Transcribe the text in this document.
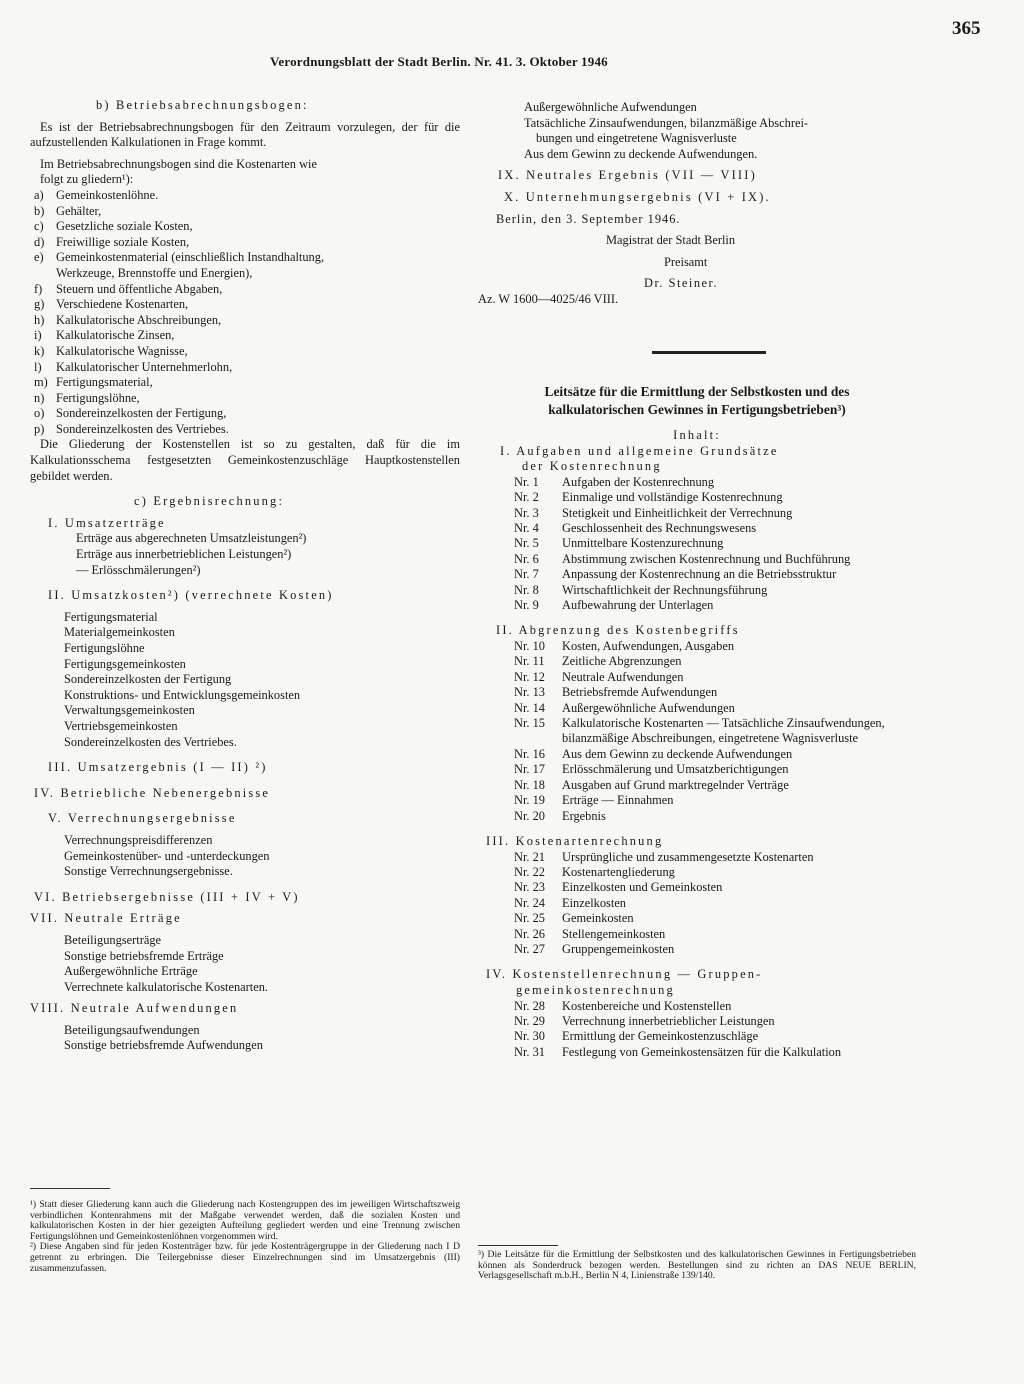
Verordnungsblatt der Stadt Berlin. Nr. 41. 3. Oktober 1946
365
b) Betriebsabrechnungsbogen:
Es ist der Betriebsabrechnungsbogen für den Zeitraum vorzulegen, der für die aufzustellenden Kalkulationen in Frage kommt.
Im Betriebsabrechnungsbogen sind die Kostenarten wie
folgt zu gliedern¹):
a) Gemeinkostenlöhne.
b) Gehälter,
c) Gesetzliche soziale Kosten,
d) Freiwillige soziale Kosten,
e) Gemeinkostenmaterial (einschließlich Instandhaltung,
Werkzeuge, Brennstoffe und Energien),
f)	Steuern und öffentliche Abgaben,
g) Verschiedene Kostenarten,
h) Kalkulatorische Abschreibungen,
i)	Kalkulatorische Zinsen,
k) Kalkulatorische Wagnisse,
l)	Kalkulatorischer Unternehmerlohn,
m) Fertigungsmaterial,
n) Fertigungslöhne,
o) Sondereinzelkosten der Fertigung,
p) Sondereinzelkosten des Vertriebes.
Die Gliederung der Kostenstellen ist so zu gestalten, daß für die im Kalkulationsschema festgesetzten Gemeinkostenzuschläge Hauptkostenstellen gebildet werden.
c) Ergebnisrechnung:
I. Umsatzerträge
Erträge aus abgerechneten Umsatzleistungen²)
Erträge aus innerbetrieblichen Leistungen²)
— Erlösschmälerungen²)
II. Umsatzkosten²) (verrechnete Kosten)
Fertigungsmaterial
Materialgemeinkosten
Fertigungslöhne
Fertigungsgemeinkosten
Sondereinzelkosten der Fertigung
Konstruktions- und Entwicklungsgemeinkosten
Verwaltungsgemeinkosten
Vertriebsgemeinkosten
Sondereinzelkosten des Vertriebes.
III. Umsatzergebnis (I — II) ²)
IV. Betriebliche Nebenergebnisse
V. Verrechnungsergebnisse
Verrechnungspreisdifferenzen
Gemeinkostenüber- und -unterdeckungen
Sonstige Verrechnungsergebnisse.
VI. Betriebsergebnisse (III + IV + V)
VII. Neutrale Erträge
Beteiligungserträge
Sonstige betriebsfremde Erträge
Außergewöhnliche Erträge
Verrechnete kalkulatorische Kostenarten.
VIII. Neutrale Aufwendungen
Beteiligungsaufwendungen
Sonstige betriebsfremde Aufwendungen
¹) Statt dieser Gliederung kann auch die Gliederung nach Kostengruppen des im jeweiligen Wirtschaftszweig verbindlichen Kontenrahmens mit der Maßgabe verwendet werden, daß die sozialen Kosten und kalkulatorischen Kosten in der hier gezeigten Aufteilung gegliedert werden und eine Trennung zwischen Fertigungslöhnen und Gemeinkostenlöhnen vorgenommen wird.
²) Diese Angaben sind für jeden Kostenträger bzw. für jede Kostenträgergruppe in der Gliederung nach I D getrennt zu erbringen. Die Teilergebnisse dieser Einzelrechnungen sind im Umsatzergebnis (III) zusammenzufassen.
Außergewöhnliche Aufwendungen
Tatsächliche Zinsaufwendungen, bilanzmäßige Abschrei-
bungen und eingetretene Wagnisverluste
Aus dem Gewinn zu deckende Aufwendungen.
IX. Neutrales Ergebnis (VII — VIII)
X. Unternehmungsergebnis (VI + IX).
Berlin, den 3. September 1946.
Magistrat der Stadt Berlin
Preisamt
Dr. Steiner.
Az. W 1600—4025/46 VIII.
Leitsätze für die Ermittlung der Selbstkosten und des
kalkulatorischen Gewinnes in Fertigungsbetrieben³)
Inhalt:
I. Aufgaben und allgemeine Grundsätze
der Kostenrechnung
Nr. 1	Aufgaben der Kostenrechnung
Nr. 2	Einmalige und vollständige Kostenrechnung
Nr. 3	Stetigkeit und Einheitlichkeit der Verrechnung
Nr. 4	Geschlossenheit des Rechnungswesens
Nr. 5	Unmittelbare Kostenzurechnung
Nr. 6	Abstimmung zwischen Kostenrechnung und Buchführung
Nr. 7	Anpassung der Kostenrechnung an die Betriebsstruktur
Nr. 8	Wirtschaftlichkeit der Rechnungsführung
Nr. 9	Aufbewahrung der Unterlagen
II. Abgrenzung des Kostenbegriffs
Nr. 10	Kosten, Aufwendungen, Ausgaben
Nr. 11	Zeitliche Abgrenzungen
Nr. 12	Neutrale Aufwendungen
Nr. 13	Betriebsfremde Aufwendungen
Nr. 14	Außergewöhnliche Aufwendungen
Nr. 15	Kalkulatorische Kostenarten — Tatsächliche Zinsaufwendungen, bilanzmäßige Abschreibungen, eingetretene Wagnisverluste
Nr. 16	Aus dem Gewinn zu deckende Aufwendungen
Nr. 17	Erlösschmälerung und Umsatzberichtigungen
Nr. 18	Ausgaben auf Grund marktregelnder Verträge
Nr. 19	Erträge — Einnahmen
Nr. 20	Ergebnis
III. Kostenartenrechnung
Nr. 21	Ursprüngliche und zusammengesetzte Kostenarten
Nr. 22	Kostenartengliederung
Nr. 23	Einzelkosten und Gemeinkosten
Nr. 24	Einzelkosten
Nr. 25	Gemeinkosten
Nr. 26	Stellengemeinkosten
Nr. 27	Gruppengemeinkosten
IV. Kostenstellenrechnung — Gruppen-
gemeinkostenrechnung
Nr. 28	Kostenbereiche und Kostenstellen
Nr. 29	Verrechnung innerbetrieblicher Leistungen
Nr. 30	Ermittlung der Gemeinkostenzuschläge
Nr. 31	Festlegung von Gemeinkostensätzen für die Kalkulation
³) Die Leitsätze für die Ermittlung der Selbstkosten und des kalkulatorischen Gewinnes in Fertigungsbetrieben können als Sonderdruck bezogen werden. Bestellungen sind zu richten an DAS NEUE BERLIN, Verlagsgesellschaft m.b.H., Berlin N 4, Linienstraße 139/140.
